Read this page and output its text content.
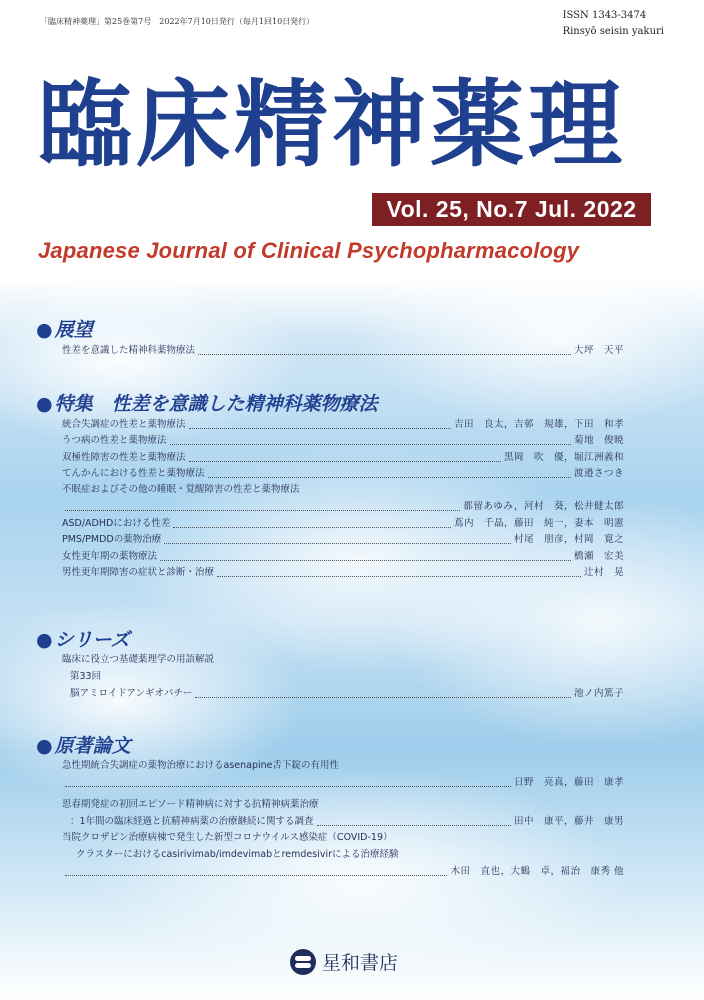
「臨床精神薬理」第25巻第7号　2022年7月10日発行（毎月1回10日発行）
ISSN 1343-3474
Rinsyō seisin yakuri
臨床精神薬理
Vol. 25, No.7 Jul. 2022
Japanese Journal of Clinical Psychopharmacology
● 展望
性差を意識した精神科薬物療法	大坪　天平
● 特集　性差を意識した精神科薬物療法
統合失調症の性差と薬物療法	吉田　良太，吉邨　規雄，下田　和孝
うつ病の性差と薬物療法	菊地　俊暁
双極性障害の性差と薬物療法	黒岡　吹　優，堀江洲義和
てんかんにおける性差と薬物療法	渡邉さつき
不眠症およびその他の睡眠・覚醒障害の性差と薬物療法
都留あゆみ，河村　葵，松井健太郎
ASD/ADHDにおける性差	蔦内　千晶，藤田　純一，妻本　明憲
PMS/PMDDの薬物治療	村尾　朋彦，村岡　寛之
女性更年期の薬物療法	橋瀬　宏美
男性更年期障害の症状と診断・治療	辻村　晃
● シリーズ
臨床に役立つ基礎薬理学の用語解説
第33回
脳アミロイドアンギオパチー	池ノ内篤子
● 原著論文
急性期統合失調症の薬物治療におけるasenapine舌下錠の有用性
日野　亮真，藤田　康孝
思春期発症の初回エピソード精神病に対する抗精神病薬治療
：1年間の臨床経過と抗精神病薬の治療継続に関する調査	田中　康平，藤井　康男
当院クロザピン治療病棟で発生した新型コロナウイルス感染症（COVID-19）
クラスターにおけるcasirivimab/imdevimabとremdesivirによる治療経験
木田　直也，大鶴　卓，福治　康秀 他
星和書店
